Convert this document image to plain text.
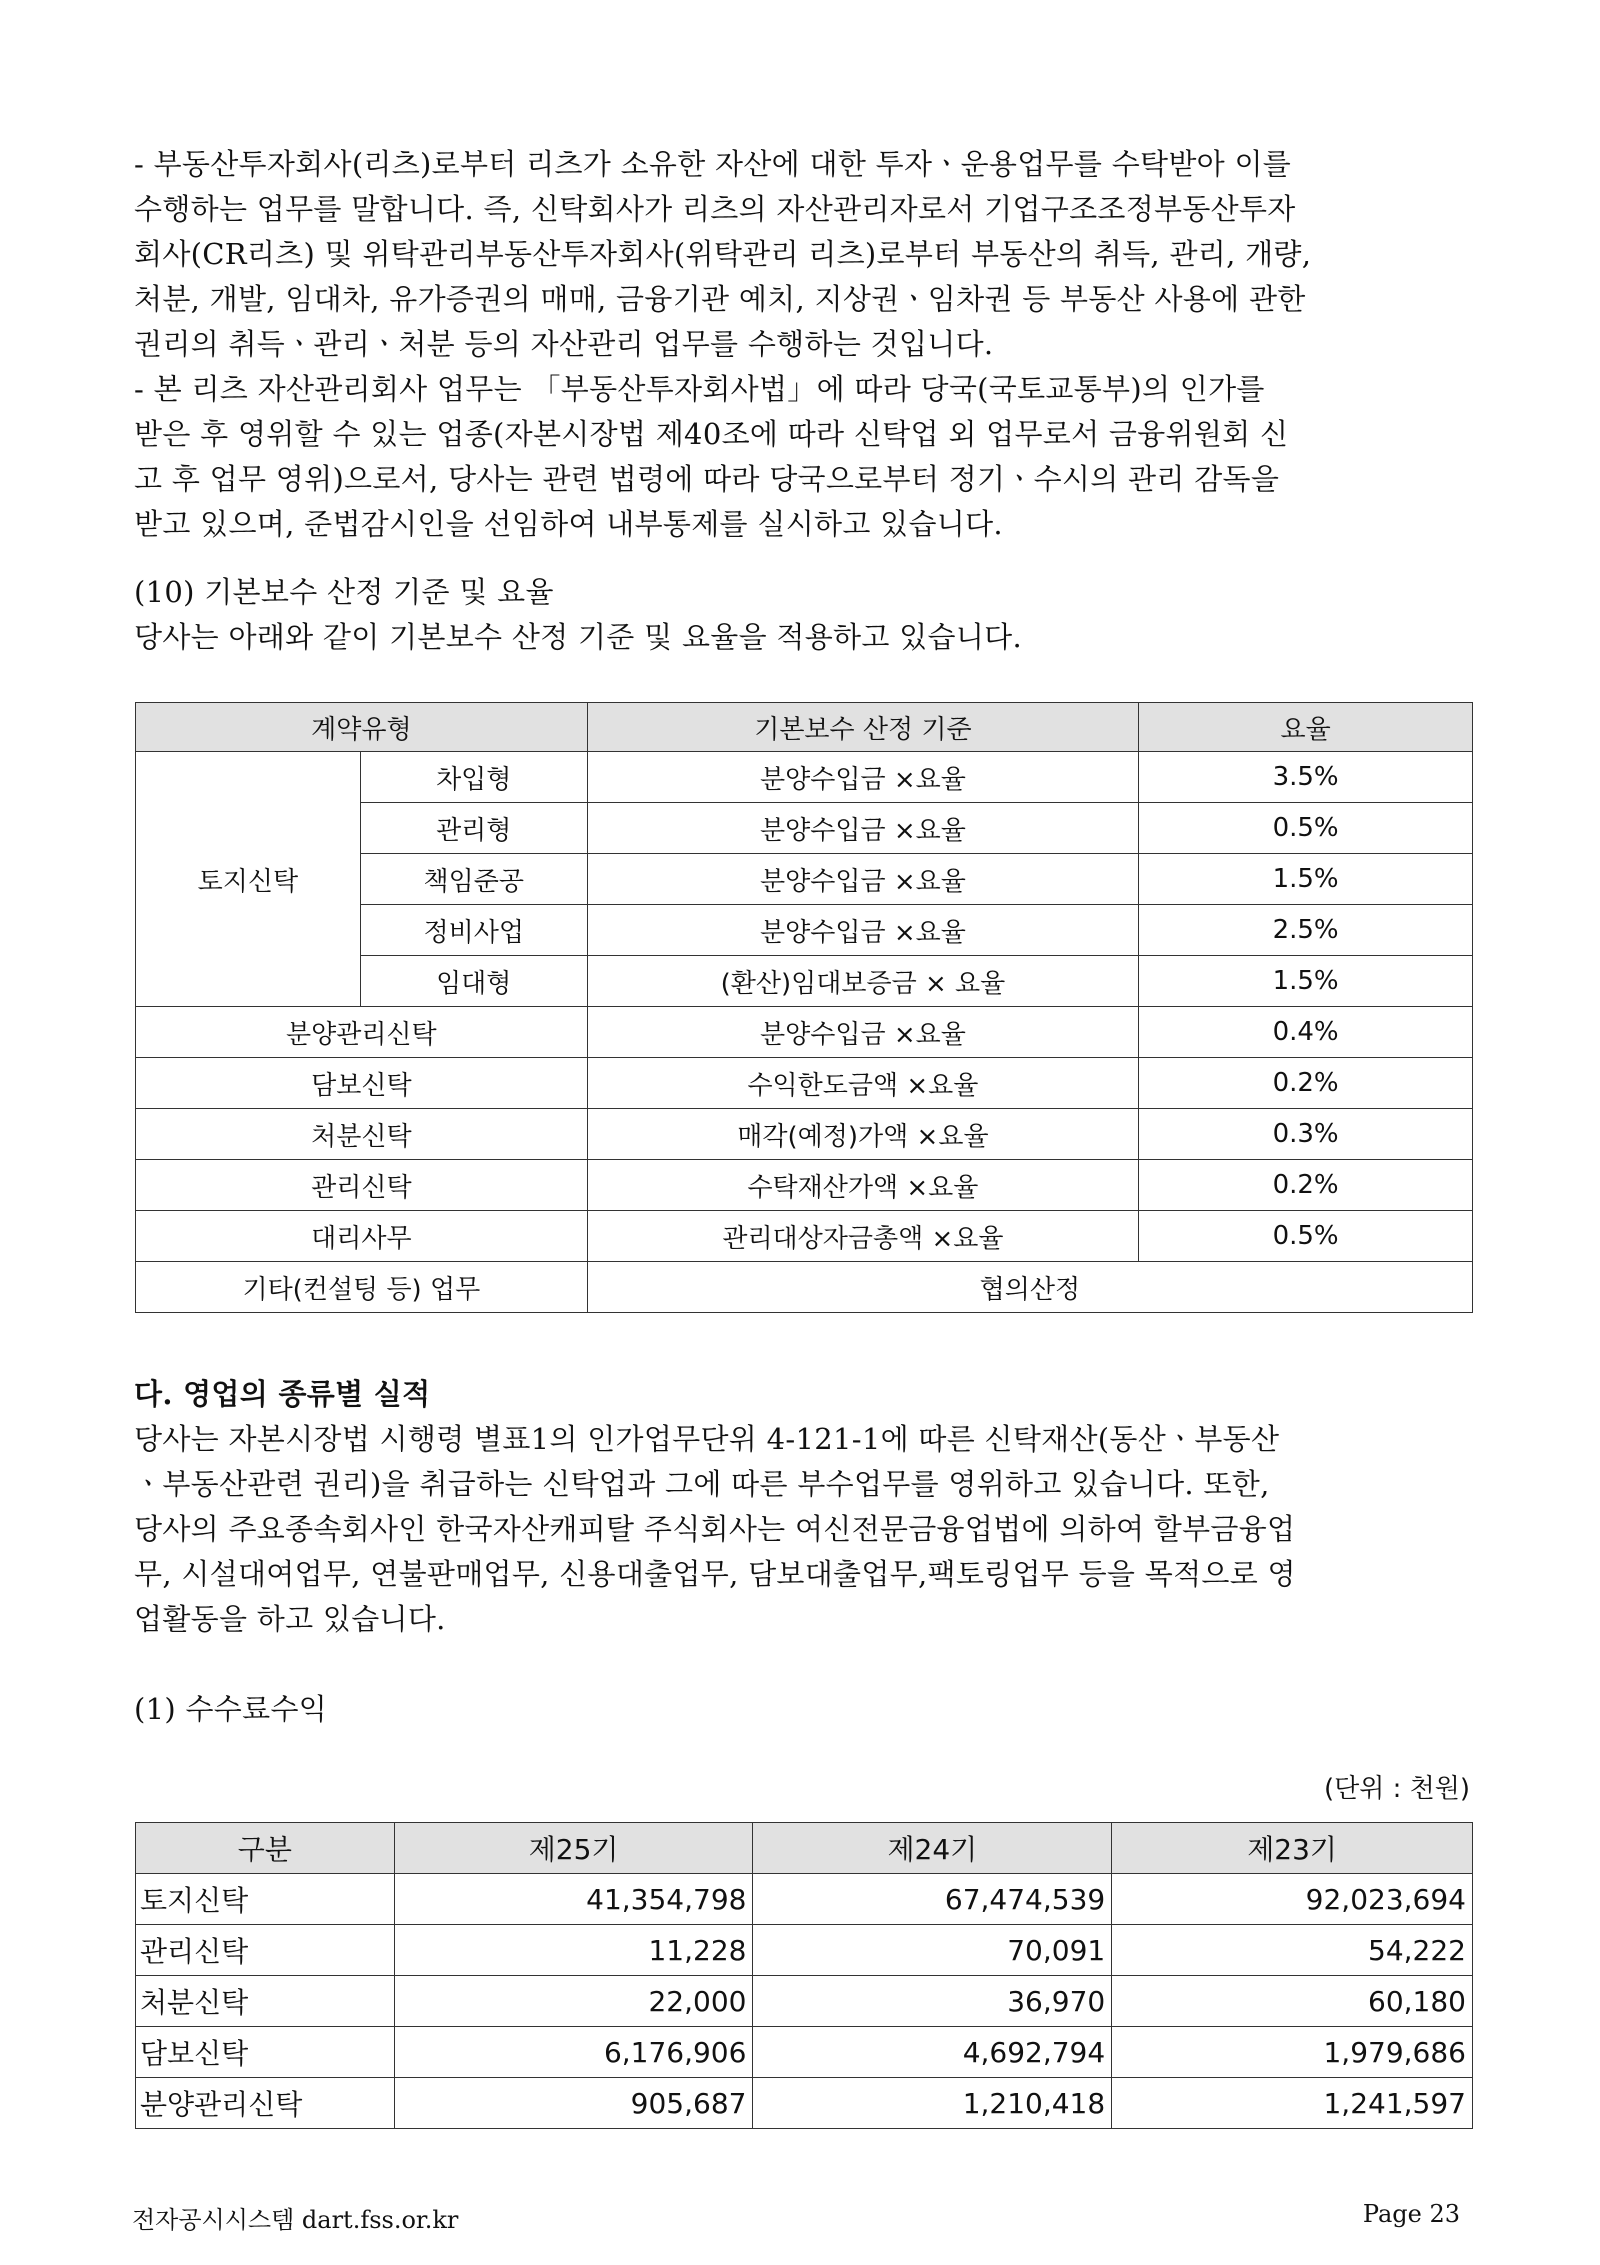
- 부동산투자회사(리츠)로부터 리츠가 소유한 자산에 대한 투자ㆍ운용업무를 수탁받아 이를

수행하는 업무를 말합니다. 즉, 신탁회사가 리츠의 자산관리자로서 기업구조조정부동산투자

회사(CR리츠) 및 위탁관리부동산투자회사(위탁관리 리츠)로부터 부동산의 취득, 관리, 개량,

처분, 개발, 임대차, 유가증권의 매매, 금융기관 예치, 지상권ㆍ임차권 등 부동산 사용에 관한

권리의 취득ㆍ관리ㆍ처분 등의 자산관리 업무를 수행하는 것입니다.

- 본 리츠 자산관리회사 업무는 「부동산투자회사법」에 따라 당국(국토교통부)의 인가를

받은 후 영위할 수 있는 업종(자본시장법 제40조에 따라 신탁업 외 업무로서 금융위원회 신

고 후 업무 영위)으로서, 당사는 관련 법령에 따라 당국으로부터 정기ㆍ수시의 관리 감독을

받고 있으며, 준법감시인을 선임하여 내부통제를 실시하고 있습니다.

(10) 기본보수 산정 기준 및 요율

당사는 아래와 같이 기본보수 산정 기준 및 요율을 적용하고 있습니다.

계약유형		기본보수 산정 기준	요율
토지신탁	차입형	분양수입금 ×요율	3.5%
	관리형	분양수입금 ×요율	0.5%
	책임준공	분양수입금 ×요율	1.5%
	정비사업	분양수입금 ×요율	2.5%
	임대형	(환산)임대보증금 × 요율	1.5%
분양관리신탁		분양수입금 ×요율	0.4%
담보신탁		수익한도금액 ×요율	0.2%
처분신탁		매각(예정)가액 ×요율	0.3%
관리신탁		수탁재산가액 ×요율	0.2%
대리사무		관리대상자금총액 ×요율	0.5%
기타(컨설팅 등) 업무		협의산정	

다. 영업의 종류별 실적

당사는 자본시장법 시행령 별표1의 인가업무단위 4-121-1에 따른 신탁재산(동산ㆍ부동산

ㆍ부동산관련 권리)을 취급하는 신탁업과 그에 따른 부수업무를 영위하고 있습니다. 또한,

당사의 주요종속회사인 한국자산캐피탈 주식회사는 여신전문금융업법에 의하여 할부금융업

무, 시설대여업무, 연불판매업무, 신용대출업무, 담보대출업무,팩토링업무 등을 목적으로 영

업활동을 하고 있습니다.

(1) 수수료수익

(단위 : 천원)
구분	제25기	제24기	제23기
토지신탁	41,354,798	67,474,539	92,023,694
관리신탁	11,228	70,091	54,222
처분신탁	22,000	36,970	60,180
담보신탁	6,176,906	4,692,794	1,979,686
분양관리신탁	905,687	1,210,418	1,241,597
전자공시시스템 dart.fss.or.kr	Page 23
